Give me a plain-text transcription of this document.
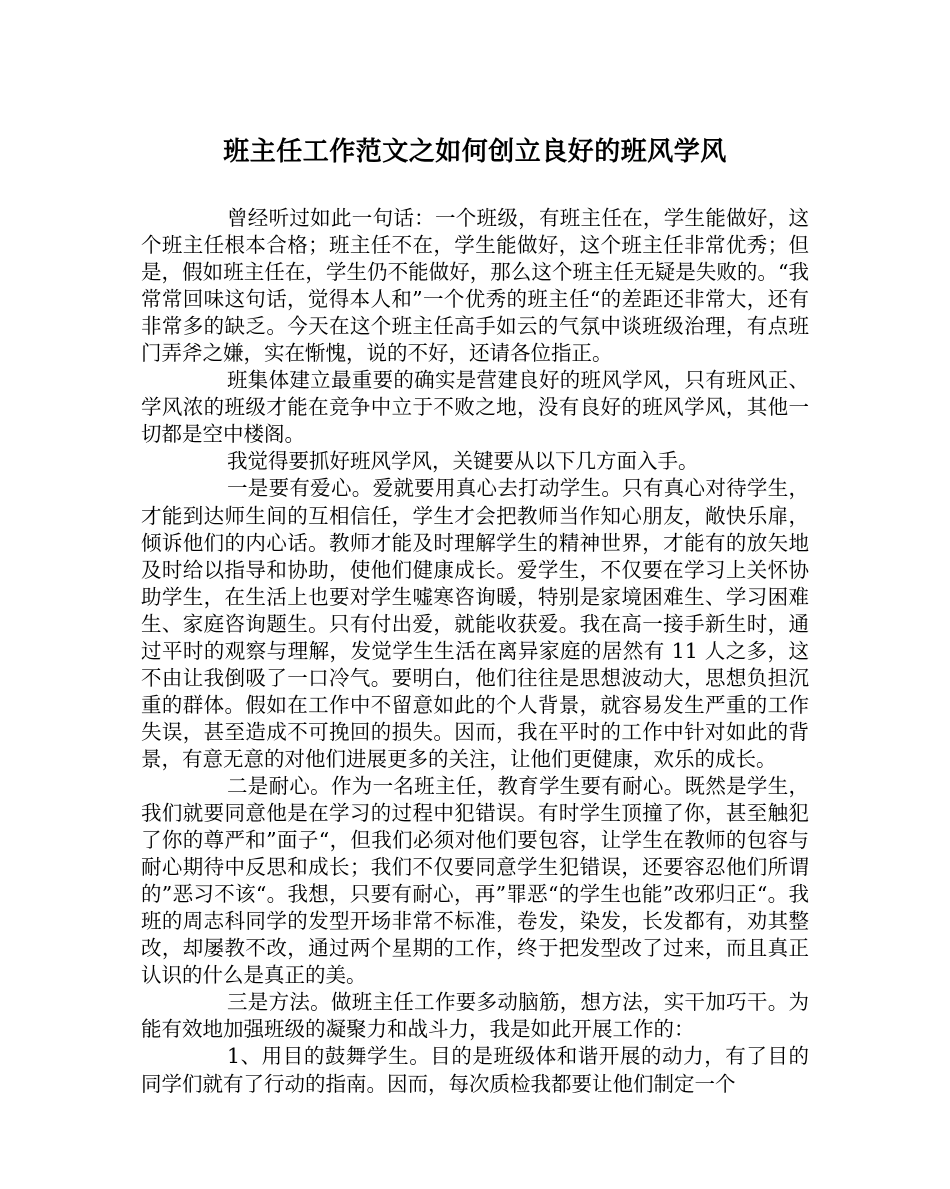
班主任工作范文之如何创立良好的班风学风

曾经听过如此一句话：一个班级，有班主任在，学生能做好，这个班主任根本合格；班主任不在，学生能做好，这个班主任非常优秀；但是，假如班主任在，学生仍不能做好，那么这个班主任无疑是失败的。“我常常回味这句话，觉得本人和”一个优秀的班主任“的差距还非常大，还有非常多的缺乏。今天在这个班主任高手如云的气氛中谈班级治理，有点班门弄斧之嫌，实在惭愧，说的不好，还请各位指正。

班集体建立最重要的确实是营建良好的班风学风，只有班风正、学风浓的班级才能在竞争中立于不败之地，没有良好的班风学风，其他一切都是空中楼阁。

我觉得要抓好班风学风，关键要从以下几方面入手。

一是要有爱心。爱就要用真心去打动学生。只有真心对待学生，才能到达师生间的互相信任，学生才会把教师当作知心朋友，敞快乐扉，倾诉他们的内心话。教师才能及时理解学生的精神世界，才能有的放矢地及时给以指导和协助，使他们健康成长。爱学生，不仅要在学习上关怀协助学生，在生活上也要对学生嘘寒咨询暖，特别是家境困难生、学习困难生、家庭咨询题生。只有付出爱，就能收获爱。我在高一接手新生时，通过平时的观察与理解，发觉学生生活在离异家庭的居然有 11 人之多，这不由让我倒吸了一口冷气。要明白，他们往往是思想波动大，思想负担沉重的群体。假如在工作中不留意如此的个人背景，就容易发生严重的工作失误，甚至造成不可挽回的损失。因而，我在平时的工作中针对如此的背景，有意无意的对他们进展更多的关注，让他们更健康，欢乐的成长。

二是耐心。作为一名班主任，教育学生要有耐心。既然是学生，我们就要同意他是在学习的过程中犯错误。有时学生顶撞了你，甚至触犯了你的尊严和”面子“，但我们必须对他们要包容，让学生在教师的包容与耐心期待中反思和成长；我们不仅要同意学生犯错误，还要容忍他们所谓的”恶习不该“。我想，只要有耐心，再”罪恶“的学生也能”改邪归正“。我班的周志科同学的发型开场非常不标准，卷发，染发，长发都有，劝其整改，却屡教不改，通过两个星期的工作，终于把发型改了过来，而且真正认识的什么是真正的美。

三是方法。做班主任工作要多动脑筋，想方法，实干加巧干。为能有效地加强班级的凝聚力和战斗力，我是如此开展工作的：

1、用目的鼓舞学生。目的是班级体和谐开展的动力，有了目的同学们就有了行动的指南。因而，每次质检我都要让他们制定一个
